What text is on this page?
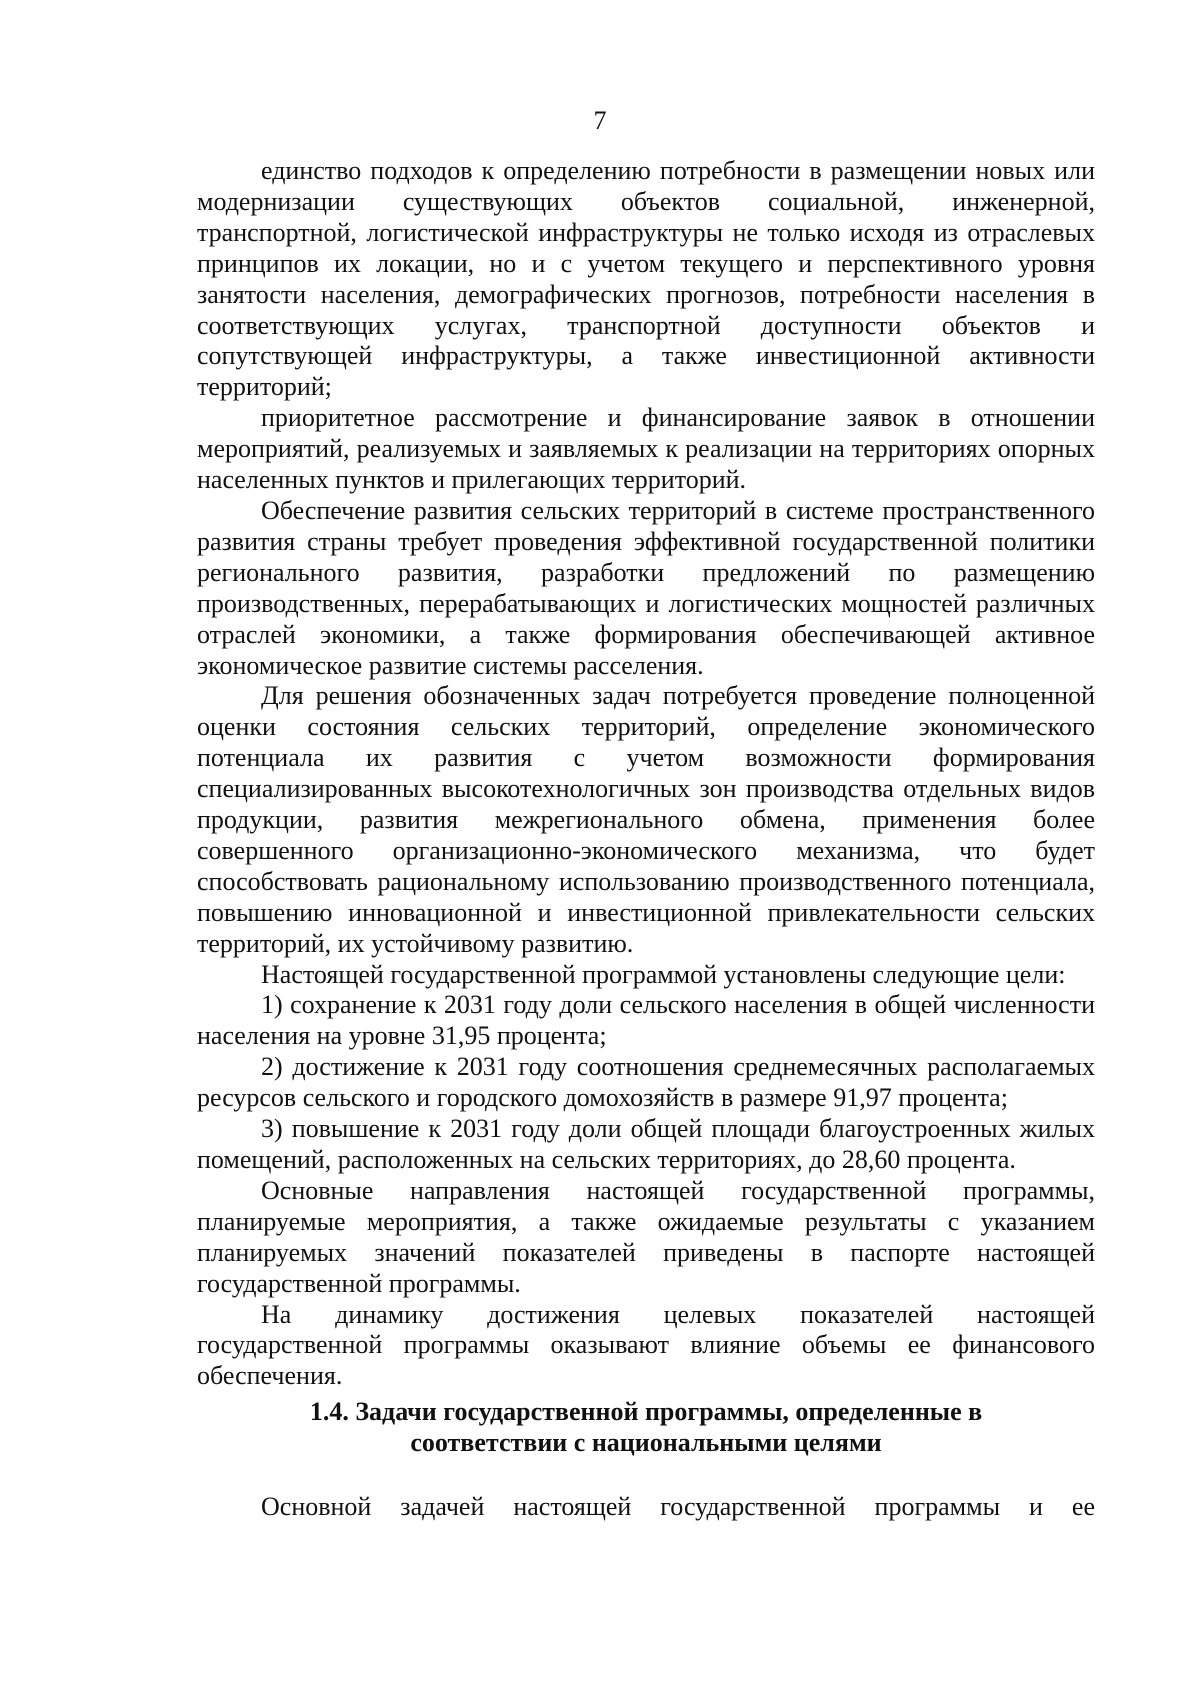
7

единство подходов к определению потребности в размещении новых или модернизации существующих объектов социальной, инженерной, транспортной, логистической инфраструктуры не только исходя из отраслевых принципов их локации, но и с учетом текущего и перспективного уровня занятости населения, демографических прогнозов, потребности населения в соответствующих услугах, транспортной доступности объектов и сопутствующей инфраструктуры, а также инвестиционной активности территорий;

приоритетное рассмотрение и финансирование заявок в отношении мероприятий, реализуемых и заявляемых к реализации на территориях опорных населенных пунктов и прилегающих территорий.

Обеспечение развития сельских территорий в системе пространственного развития страны требует проведения эффективной государственной политики регионального развития, разработки предложений по размещению производственных, перерабатывающих и логистических мощностей различных отраслей экономики, а также формирования обеспечивающей активное экономическое развитие системы расселения.

Для решения обозначенных задач потребуется проведение полноценной оценки состояния сельских территорий, определение экономического потенциала их развития с учетом возможности формирования специализированных высокотехнологичных зон производства отдельных видов продукции, развития межрегионального обмена, применения более совершенного организационно-экономического механизма, что будет способствовать рациональному использованию производственного потенциала, повышению инновационной и инвестиционной привлекательности сельских территорий, их устойчивому развитию.

Настоящей государственной программой установлены следующие цели:

1) сохранение к 2031 году доли сельского населения в общей численности населения на уровне 31,95 процента;

2) достижение к 2031 году соотношения среднемесячных располагаемых ресурсов сельского и городского домохозяйств в размере 91,97 процента;

3) повышение к 2031 году доли общей площади благоустроенных жилых помещений, расположенных на сельских территориях, до 28,60 процента.

Основные направления настоящей государственной программы, планируемые мероприятия, а также ожидаемые результаты с указанием планируемых значений показателей приведены в паспорте настоящей государственной программы.

На динамику достижения целевых показателей настоящей государственной программы оказывают влияние объемы ее финансового обеспечения.

1.4. Задачи государственной программы, определенные в
соответствии с национальными целями

Основной задачей настоящей государственной программы и ее
